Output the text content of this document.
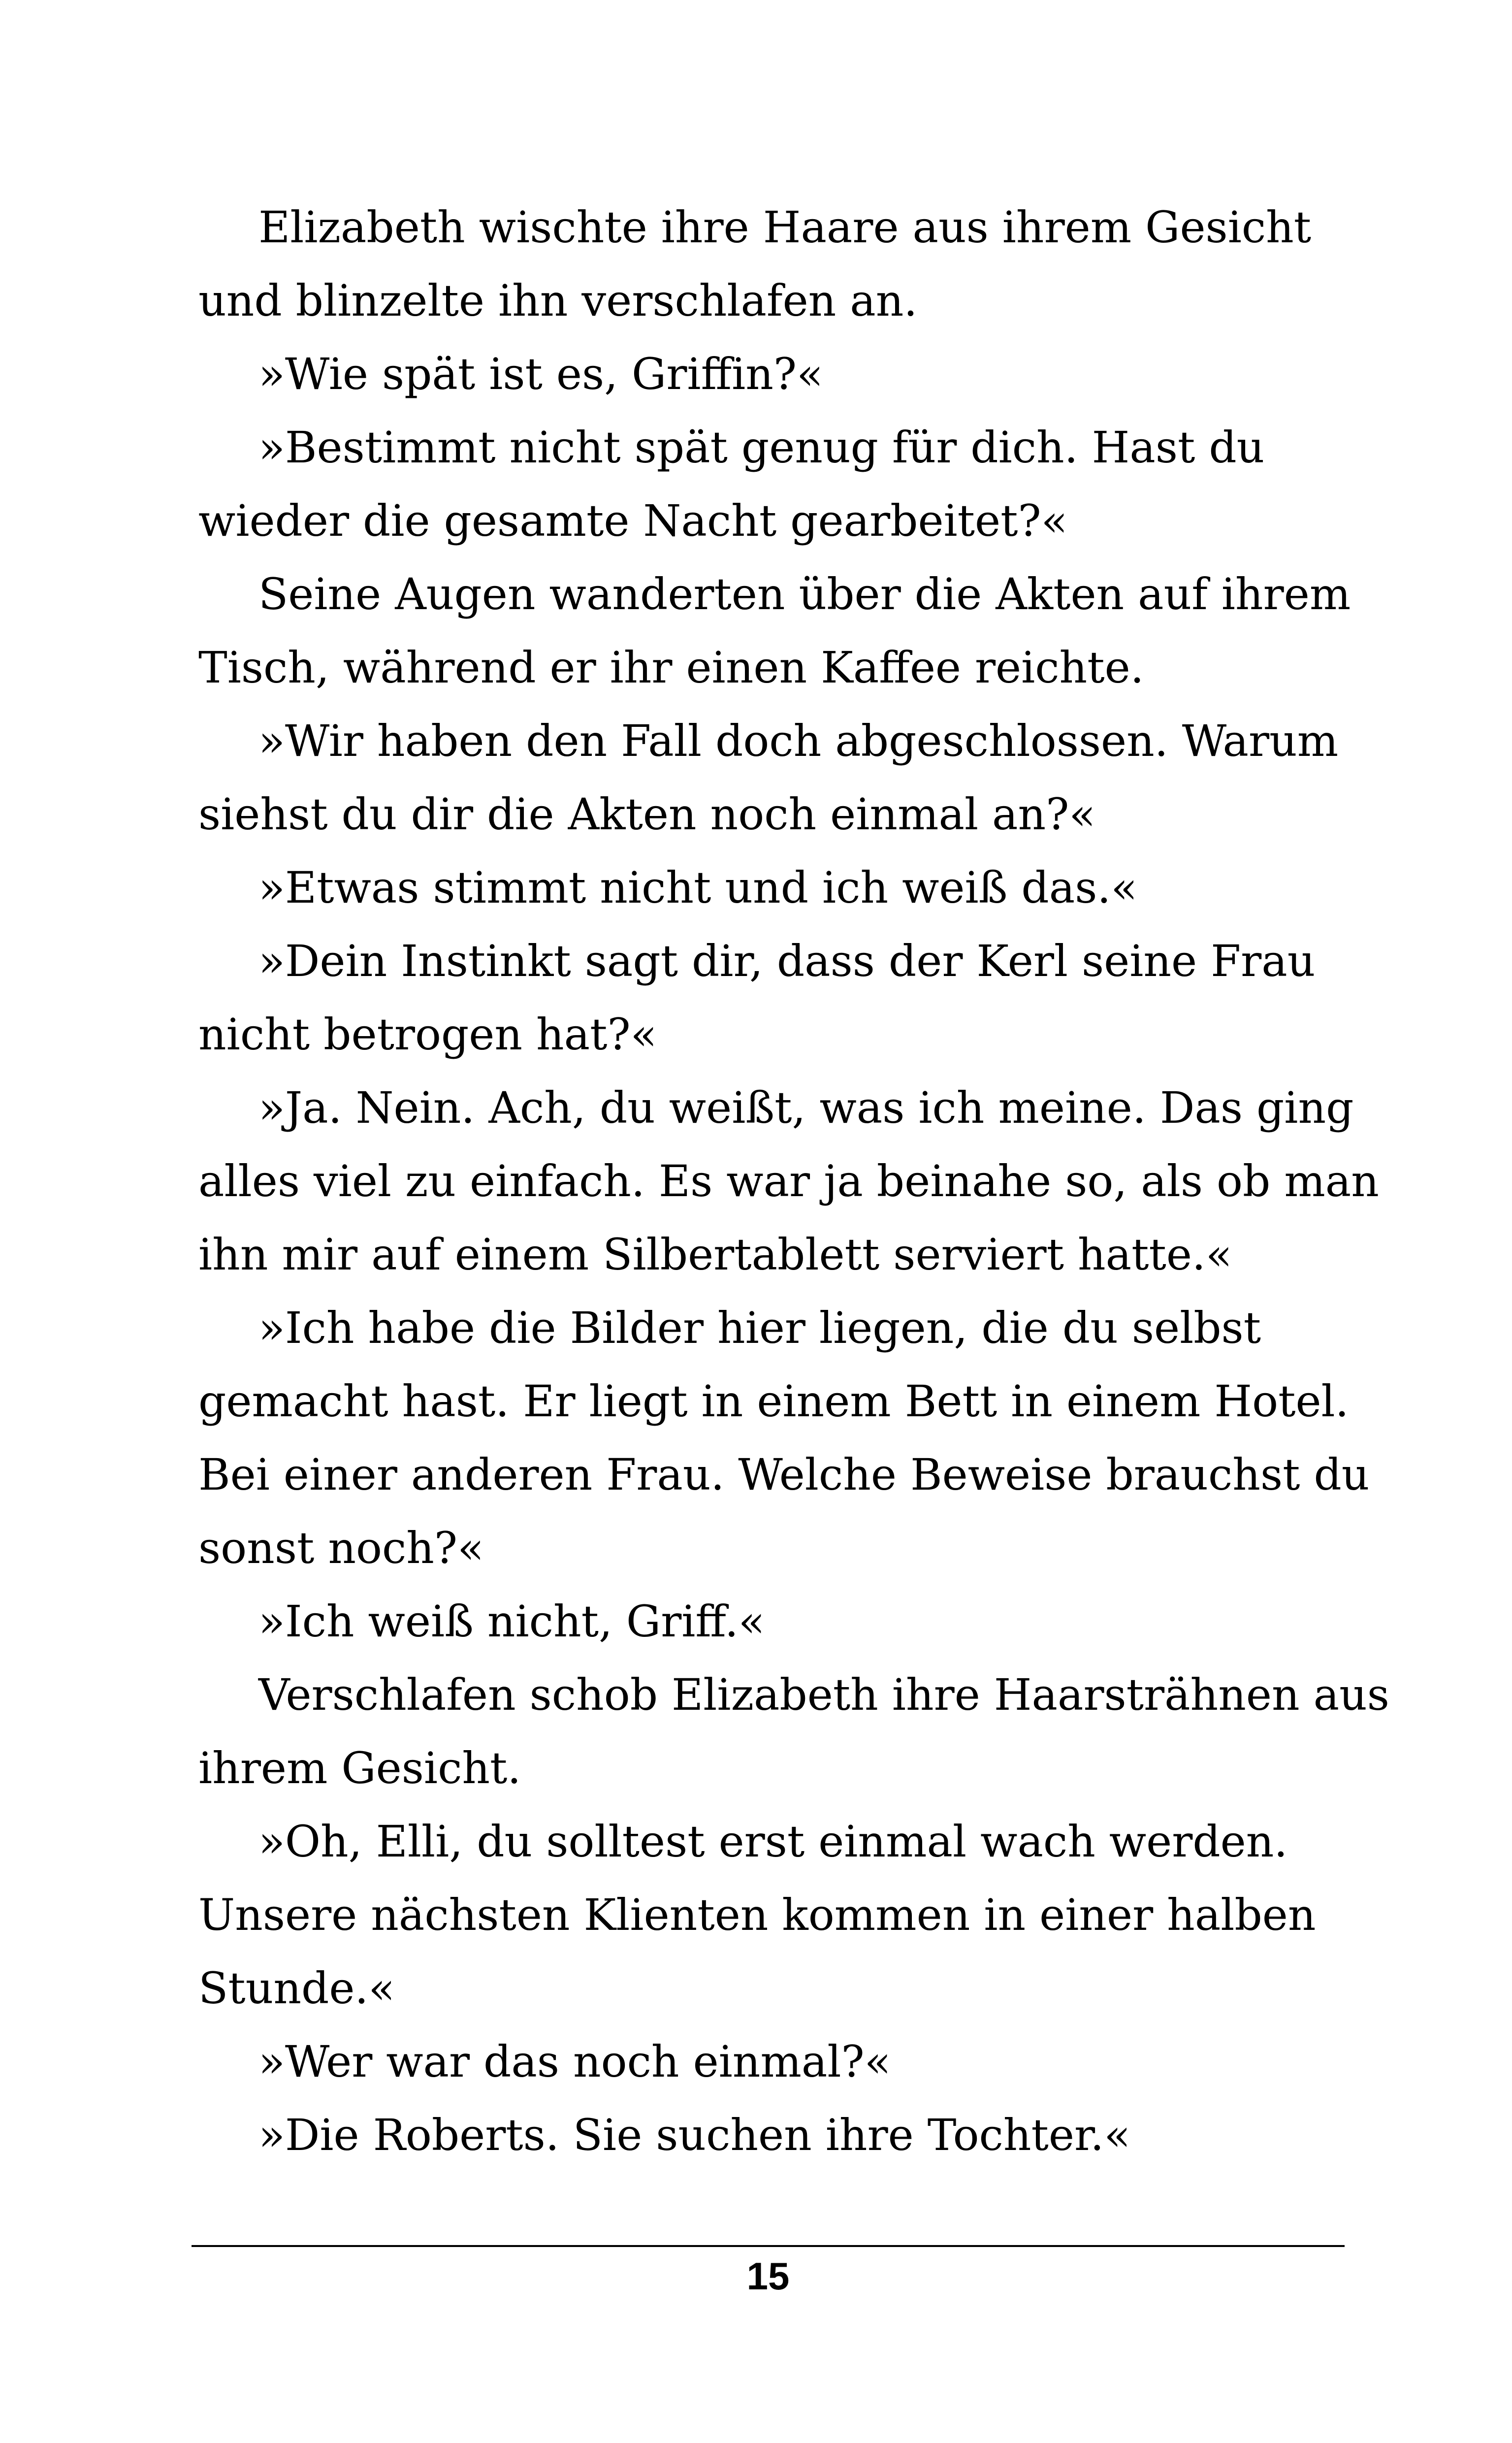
Elizabeth wischte ihre Haare aus ihrem Gesicht
und blinzelte ihn verschlafen an.
»Wie spät ist es, Griffin?«
»Bestimmt nicht spät genug für dich. Hast du
wieder die gesamte Nacht gearbeitet?«
Seine Augen wanderten über die Akten auf ihrem
Tisch, während er ihr einen Kaffee reichte.
»Wir haben den Fall doch abgeschlossen. Warum
siehst du dir die Akten noch einmal an?«
»Etwas stimmt nicht und ich weiß das.«
»Dein Instinkt sagt dir, dass der Kerl seine Frau
nicht betrogen hat?«
»Ja. Nein. Ach, du weißt, was ich meine. Das ging
alles viel zu einfach. Es war ja beinahe so, als ob man
ihn mir auf einem Silbertablett serviert hatte.«
»Ich habe die Bilder hier liegen, die du selbst
gemacht hast. Er liegt in einem Bett in einem Hotel.
Bei einer anderen Frau. Welche Beweise brauchst du
sonst noch?«
»Ich weiß nicht, Griff.«
Verschlafen schob Elizabeth ihre Haarsträhnen aus
ihrem Gesicht.
»Oh, Elli, du solltest erst einmal wach werden.
Unsere nächsten Klienten kommen in einer halben
Stunde.«
»Wer war das noch einmal?«
»Die Roberts. Sie suchen ihre Tochter.«
15
